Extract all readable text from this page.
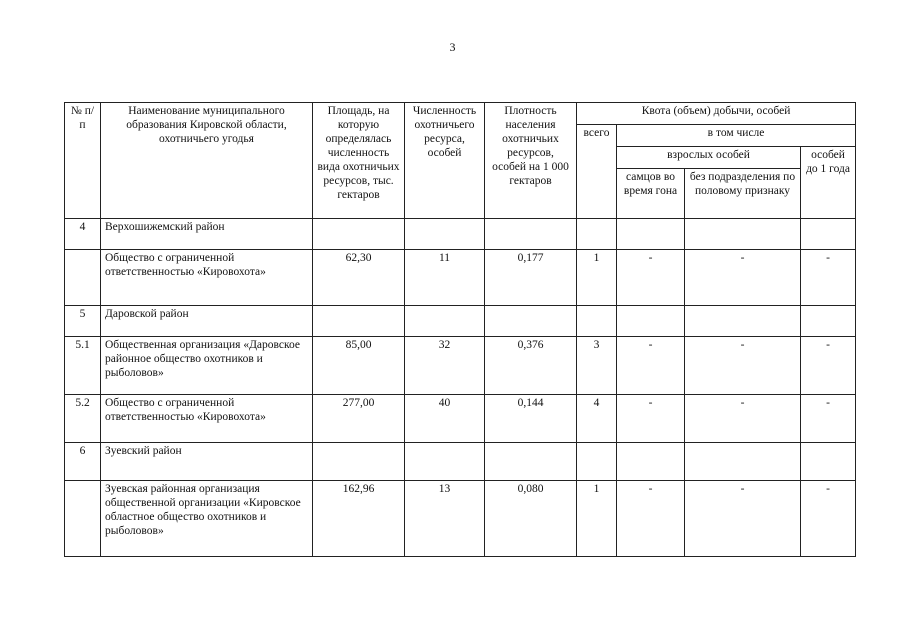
3
№ п/п	Наименование муниципального образования Кировской области, охотничьего угодья	Площадь, на которую определялась численность вида охотничьих ресурсов, тыс. гектаров	Численность охотничьего ресурса, особей	Плотность населения охотничьих ресурсов, особей на 1 000 гектаров	Квота (объем) добычи, особей			
					всего	в том числе		
						взрослых особей		особей до 1 года
						самцов во время гона	без подразделения по половому признаку	
4	Верхошижемский район							
	Общество с ограниченной ответственностью «Кировохота»	62,30	11	0,177	1	-	-	-
5	Даровской район							
5.1	Общественная организация «Даровское районное общество охотников и рыболовов»	85,00	32	0,376	3	-	-	-
5.2	Общество с ограниченной ответственностью «Кировохота»	277,00	40	0,144	4	-	-	-
6	Зуевский район							
	Зуевская районная организация общественной организации «Кировское областное общество охотников и рыболовов»	162,96	13	0,080	1	-	-	-
